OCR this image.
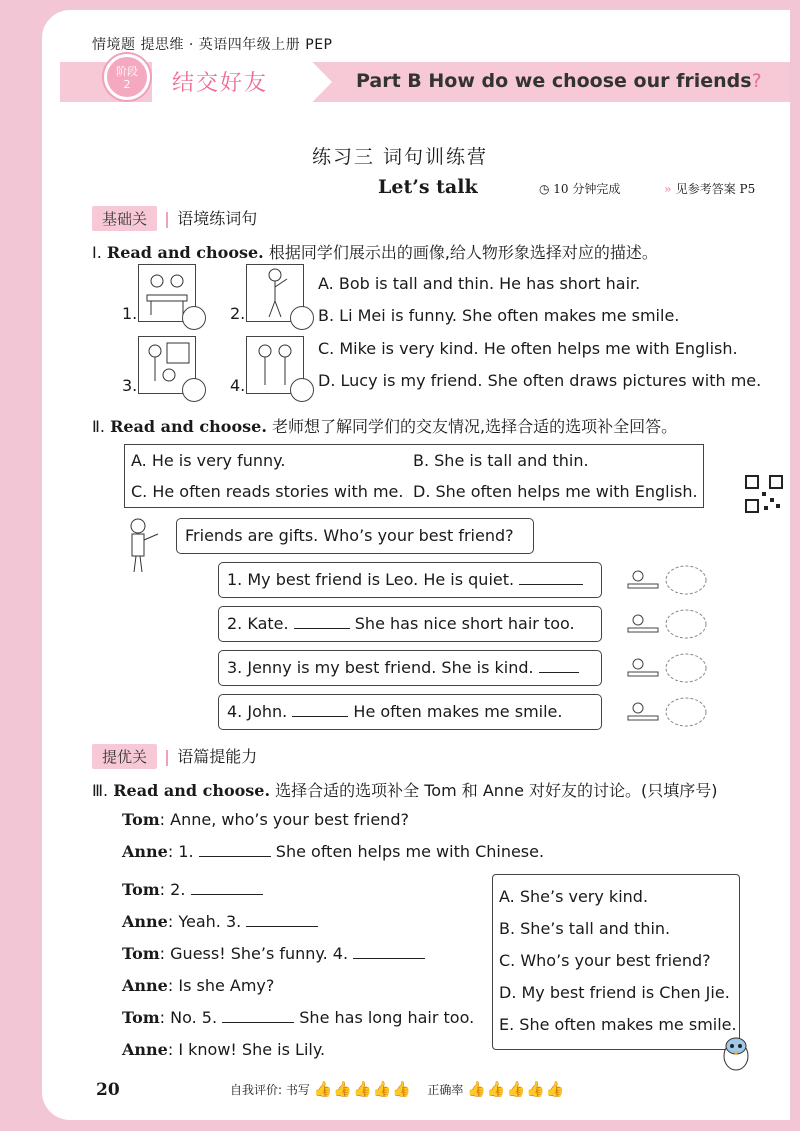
情境题 提思维 · 英语四年级上册 PEP
阶段
2	结交好友	Part B How do we choose our friends?
练习三 词句训练营
Let’s talk	◷ 10 分钟完成	» 见参考答案 P5
基础关 语境练词句
Ⅰ. Read and choose. 根据同学们展示出的画像,给人物形象选择对应的描述。
1.	2.
3.	4.
A. Bob is tall and thin. He has short hair.
B. Li Mei is funny. She often makes me smile.
C. Mike is very kind. He often helps me with English.
D. Lucy is my friend. She often draws pictures with me.
Ⅱ. Read and choose. 老师想了解同学们的交友情况,选择合适的选项补全回答。
A. He is very funny.	B. She is tall and thin.
C. He often reads stories with me. D. She often helps me with English.
Friends are gifts. Who’s your best friend?
1. My best friend is Leo. He is quiet.
2. Kate.	She has nice short hair too.
3. Jenny is my best friend. She is kind.
4. John.	He often makes me smile.
提优关 语篇提能力
Ⅲ. Read and choose. 选择合适的选项补全 Tom 和 Anne 对好友的讨论。(只填序号)
Tom: Anne, who’s your best friend?
Anne: 1.	She often helps me with Chinese.
Tom: 2.
Anne: Yeah. 3.
Tom: Guess! She’s funny. 4.
Anne: Is she Amy?
Tom: No. 5.	She has long hair too.
Anne: I know! She is Lily.
A. She’s very kind.
B. She’s tall and thin.
C. Who’s your best friend?
D. My best friend is Chen Jie.
E. She often makes me smile.
20	自我评价: 书写 👍👍👍👍👍 正确率 👍👍👍👍👍
